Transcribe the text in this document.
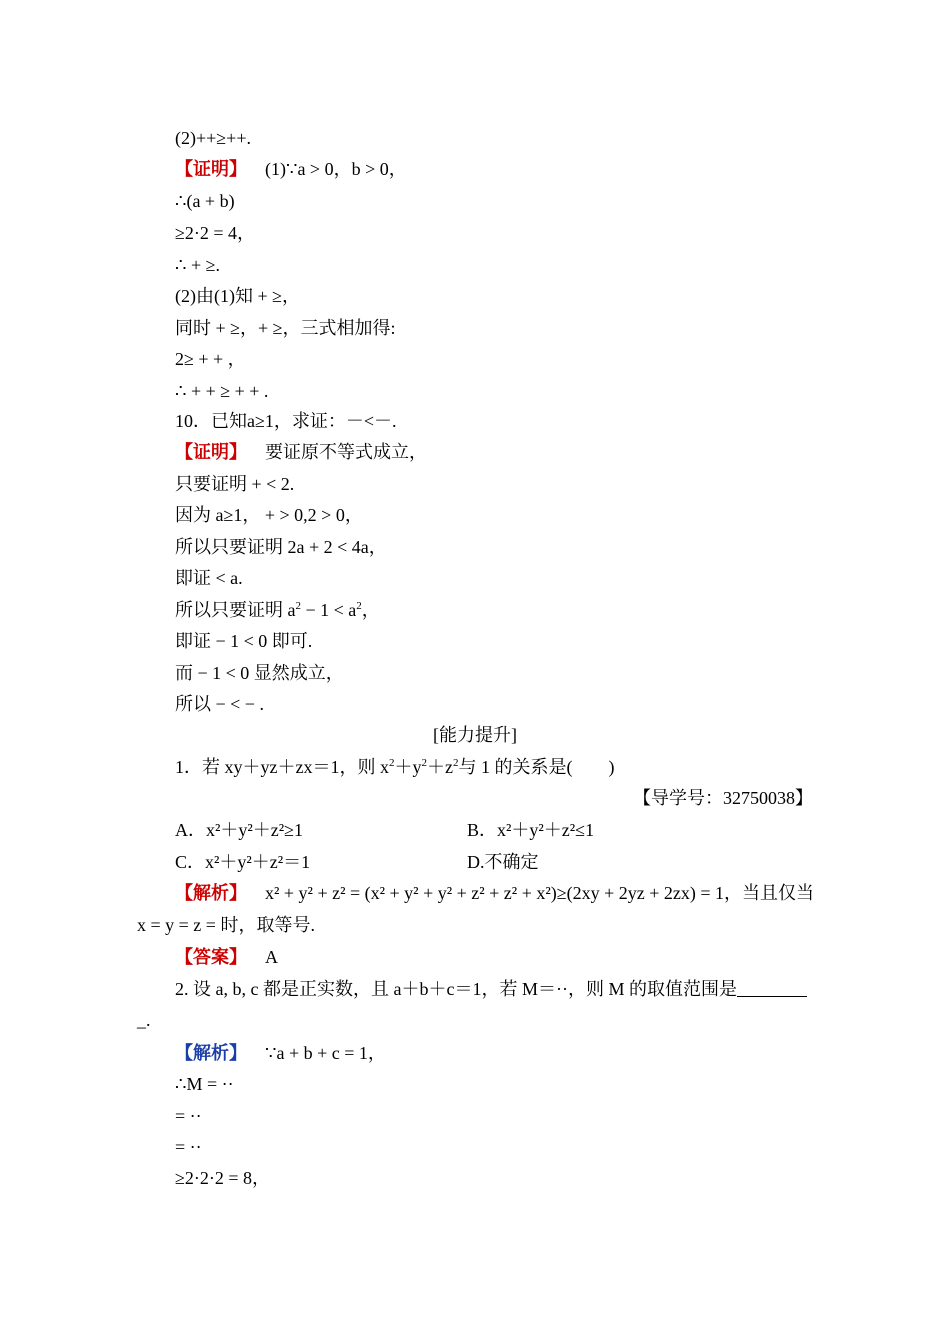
(2)++≥++.
【证明】 (1)∵a > 0，b > 0，
∴(a + b)
≥2·2 = 4，
∴ + ≥.
(2)由(1)知 + ≥，
同时 + ≥，+ ≥，三式相加得:
2≥ + + ，
∴ + + ≥ + + .
10．已知a≥1，求证：－<－.
【证明】 要证原不等式成立，
只要证明 + < 2.
因为 a≥1， + > 0,2 > 0，
所以只要证明 2a + 2 < 4a，
即证 < a.
所以只要证明 $a^2 - 1 < a^2$，
即证 − 1 < 0 即可.
而 − 1 < 0 显然成立，
所以 − < − .
[能力提升]
1．若 xy＋yz＋zx＝1，则 $x^2+y^2+z^2$与 1 的关系是(　　)
【导学号：32750038】
A．x²＋y²＋z²≥1	B．x²＋y²＋z²≤1
C．x²＋y²＋z²＝1	D.不确定
【解析】 x² + y² + z² = (x² + y² + y² + z² + z² + x²)≥(2xy + 2yz + 2zx) = 1，当且仅当
x = y = z = 时，取等号.
【答案】 A
2. 设 a, b, c 都是正实数，且 a＋b＋c＝1，若 M＝··，则 M 的取值范围是
_.
【解析】 ∵a + b + c = 1，
∴M = ··
= ··
= ··
≥2·2·2 = 8，
